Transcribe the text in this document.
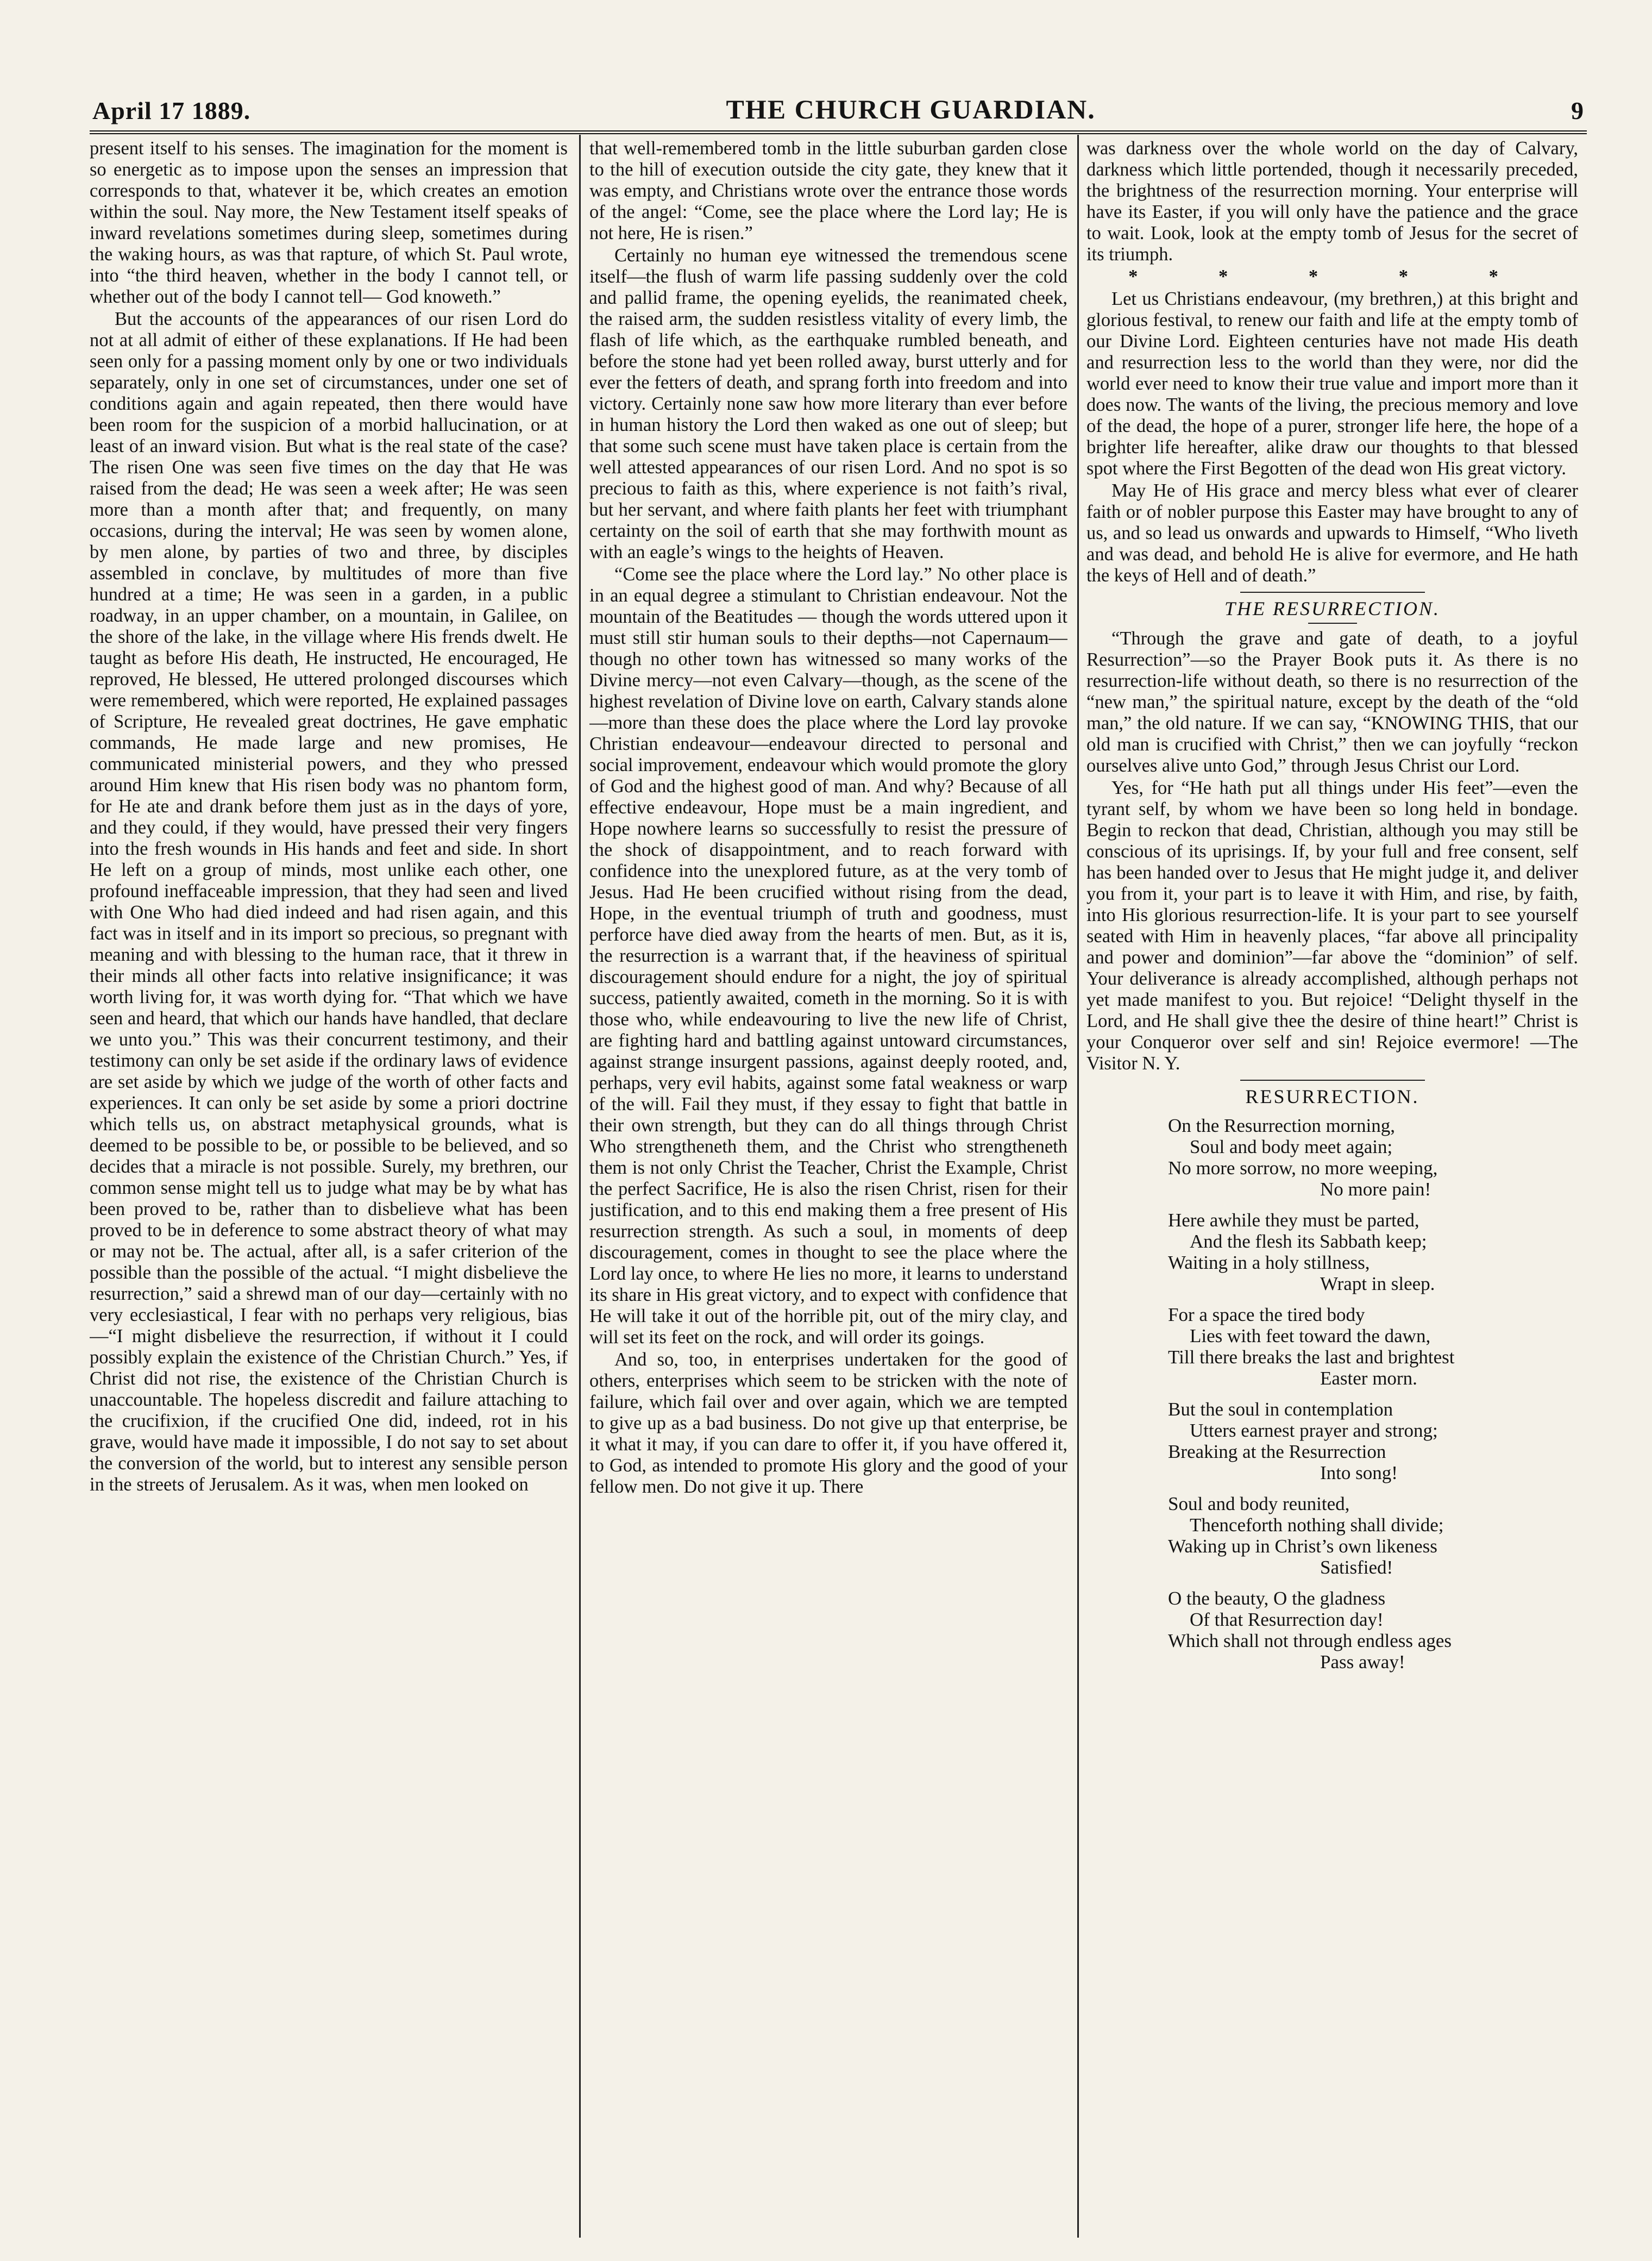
April 17 1889.	THE CHURCH GUARDIAN.	9

present itself to his senses. The imagination for the moment is so energetic as to impose upon the senses an impression that corresponds to that, whatever it be, which creates an emotion within the soul. Nay more, the New Testament itself speaks of inward revelations sometimes during sleep, sometimes during the waking hours, as was that rapture, of which St. Paul wrote, into “the third heaven, whether in the body I cannot tell, or whether out of the body I cannot tell— God knoweth.”

But the accounts of the appearances of our risen Lord do not at all admit of either of these explanations. If He had been seen only for a passing moment only by one or two individuals separately, only in one set of circumstances, under one set of conditions again and again repeated, then there would have been room for the suspicion of a morbid hallucination, or at least of an inward vision. But what is the real state of the case? The risen One was seen five times on the day that He was raised from the dead; He was seen a week after; He was seen more than a month after that; and frequently, on many occasions, during the interval; He was seen by women alone, by men alone, by parties of two and three, by disciples assembled in conclave, by multitudes of more than five hundred at a time; He was seen in a garden, in a public roadway, in an upper chamber, on a mountain, in Galilee, on the shore of the lake, in the village where His frends dwelt. He taught as before His death, He instructed, He encouraged, He reproved, He blessed, He uttered prolonged discourses which were remembered, which were reported, He explained passages of Scripture, He revealed great doctrines, He gave emphatic commands, He made large and new promises, He communicated ministerial powers, and they who pressed around Him knew that His risen body was no phantom form, for He ate and drank before them just as in the days of yore, and they could, if they would, have pressed their very fingers into the fresh wounds in His hands and feet and side. In short He left on a group of minds, most unlike each other, one profound ineffaceable impression, that they had seen and lived with One Who had died indeed and had risen again, and this fact was in itself and in its import so precious, so pregnant with meaning and with blessing to the human race, that it threw in their minds all other facts into relative insignificance; it was worth living for, it was worth dying for. “That which we have seen and heard, that which our hands have handled, that declare we unto you.” This was their concurrent testimony, and their testimony can only be set aside if the ordinary laws of evidence are set aside by which we judge of the worth of other facts and experiences. It can only be set aside by some a priori doctrine which tells us, on abstract metaphysical grounds, what is deemed to be possible to be, or possible to be believed, and so decides that a miracle is not possible. Surely, my brethren, our common sense might tell us to judge what may be by what has been proved to be, rather than to disbelieve what has been proved to be in deference to some abstract theory of what may or may not be. The actual, after all, is a safer criterion of the possible than the possible of the actual. “I might disbelieve the resurrection,” said a shrewd man of our day—certainly with no very ecclesiastical, I fear with no perhaps very religious, bias—“I might disbelieve the resurrection, if without it I could possibly explain the existence of the Christian Church.” Yes, if Christ did not rise, the existence of the Christian Church is unaccountable. The hopeless discredit and failure attaching to the crucifixion, if the crucified One did, indeed, rot in his grave, would have made it impossible, I do not say to set about the conversion of the world, but to interest any sensible person in the streets of Jerusalem. As it was, when men looked on

that well-remembered tomb in the little suburban garden close to the hill of execution outside the city gate, they knew that it was empty, and Christians wrote over the entrance those words of the angel: “Come, see the place where the Lord lay; He is not here, He is risen.”

Certainly no human eye witnessed the tremendous scene itself—the flush of warm life passing suddenly over the cold and pallid frame, the opening eyelids, the reanimated cheek, the raised arm, the sudden resistless vitality of every limb, the flash of life which, as the earthquake rumbled beneath, and before the stone had yet been rolled away, burst utterly and for ever the fetters of death, and sprang forth into freedom and into victory. Certainly none saw how more literary than ever before in human history the Lord then waked as one out of sleep; but that some such scene must have taken place is certain from the well attested appearances of our risen Lord. And no spot is so precious to faith as this, where experience is not faith’s rival, but her servant, and where faith plants her feet with triumphant certainty on the soil of earth that she may forthwith mount as with an eagle’s wings to the heights of Heaven.

“Come see the place where the Lord lay.” No other place is in an equal degree a stimulant to Christian endeavour. Not the mountain of the Beatitudes — though the words uttered upon it must still stir human souls to their depths—not Capernaum—though no other town has witnessed so many works of the Divine mercy—not even Calvary—though, as the scene of the highest revelation of Divine love on earth, Calvary stands alone—more than these does the place where the Lord lay provoke Christian endeavour—endeavour directed to personal and social improvement, endeavour which would promote the glory of God and the highest good of man. And why? Because of all effective endeavour, Hope must be a main ingredient, and Hope nowhere learns so successfully to resist the pressure of the shock of disappointment, and to reach forward with confidence into the unexplored future, as at the very tomb of Jesus. Had He been crucified without rising from the dead, Hope, in the eventual triumph of truth and goodness, must perforce have died away from the hearts of men. But, as it is, the resurrection is a warrant that, if the heaviness of spiritual discouragement should endure for a night, the joy of spiritual success, patiently awaited, cometh in the morning. So it is with those who, while endeavouring to live the new life of Christ, are fighting hard and battling against untoward circumstances, against strange insurgent passions, against deeply rooted, and, perhaps, very evil habits, against some fatal weakness or warp of the will. Fail they must, if they essay to fight that battle in their own strength, but they can do all things through Christ Who strengtheneth them, and the Christ who strengtheneth them is not only Christ the Teacher, Christ the Example, Christ the perfect Sacrifice, He is also the risen Christ, risen for their justification, and to this end making them a free present of His resurrection strength. As such a soul, in moments of deep discouragement, comes in thought to see the place where the Lord lay once, to where He lies no more, it learns to understand its share in His great victory, and to expect with confidence that He will take it out of the horrible pit, out of the miry clay, and will set its feet on the rock, and will order its goings.

And so, too, in enterprises undertaken for the good of others, enterprises which seem to be stricken with the note of failure, which fail over and over again, which we are tempted to give up as a bad business. Do not give up that enterprise, be it what it may, if you can dare to offer it, if you have offered it, to God, as intended to promote His glory and the good of your fellow men. Do not give it up. There

was darkness over the whole world on the day of Calvary, darkness which little portended, though it necessarily preceded, the brightness of the resurrection morning. Your enterprise will have its Easter, if you will only have the patience and the grace to wait. Look, look at the empty tomb of Jesus for the secret of its triumph.

* * * * *

Let us Christians endeavour, (my brethren,) at this bright and glorious festival, to renew our faith and life at the empty tomb of our Divine Lord. Eighteen centuries have not made His death and resurrection less to the world than they were, nor did the world ever need to know their true value and import more than it does now. The wants of the living, the precious memory and love of the dead, the hope of a purer, stronger life here, the hope of a brighter life hereafter, alike draw our thoughts to that blessed spot where the First Begotten of the dead won His great victory.

May He of His grace and mercy bless what ever of clearer faith or of nobler purpose this Easter may have brought to any of us, and so lead us onwards and upwards to Himself, “Who liveth and was dead, and behold He is alive for evermore, and He hath the keys of Hell and of death.”

THE RESURRECTION.

“Through the grave and gate of death, to a joyful Resurrection”—so the Prayer Book puts it. As there is no resurrection-life without death, so there is no resurrection of the “new man,” the spiritual nature, except by the death of the “old man,” the old nature. If we can say, “KNOWING THIS, that our old man is crucified with Christ,” then we can joyfully “reckon ourselves alive unto God,” through Jesus Christ our Lord.

Yes, for “He hath put all things under His feet”—even the tyrant self, by whom we have been so long held in bondage. Begin to reckon that dead, Christian, although you may still be conscious of its uprisings. If, by your full and free consent, self has been handed over to Jesus that He might judge it, and deliver you from it, your part is to leave it with Him, and rise, by faith, into His glorious resurrection-life. It is your part to see yourself seated with Him in heavenly places, “far above all principality and power and dominion”—far above the “dominion” of self. Your deliverance is already accomplished, although perhaps not yet made manifest to you. But rejoice! “Delight thyself in the Lord, and He shall give thee the desire of thine heart!” Christ is your Conqueror over self and sin! Rejoice evermore! —The Visitor N. Y.

RESURRECTION.
On the Resurrection morning,
Soul and body meet again;
No more sorrow, no more weeping,
No more pain!
Here awhile they must be parted,
And the flesh its Sabbath keep;
Waiting in a holy stillness,
Wrapt in sleep.
For a space the tired body
Lies with feet toward the dawn,
Till there breaks the last and brightest
Easter morn.
But the soul in contemplation
Utters earnest prayer and strong;
Breaking at the Resurrection
Into song!
Soul and body reunited,
Thenceforth nothing shall divide;
Waking up in Christ’s own likeness
Satisfied!
O the beauty, O the gladness
Of that Resurrection day!
Which shall not through endless ages
Pass away!
